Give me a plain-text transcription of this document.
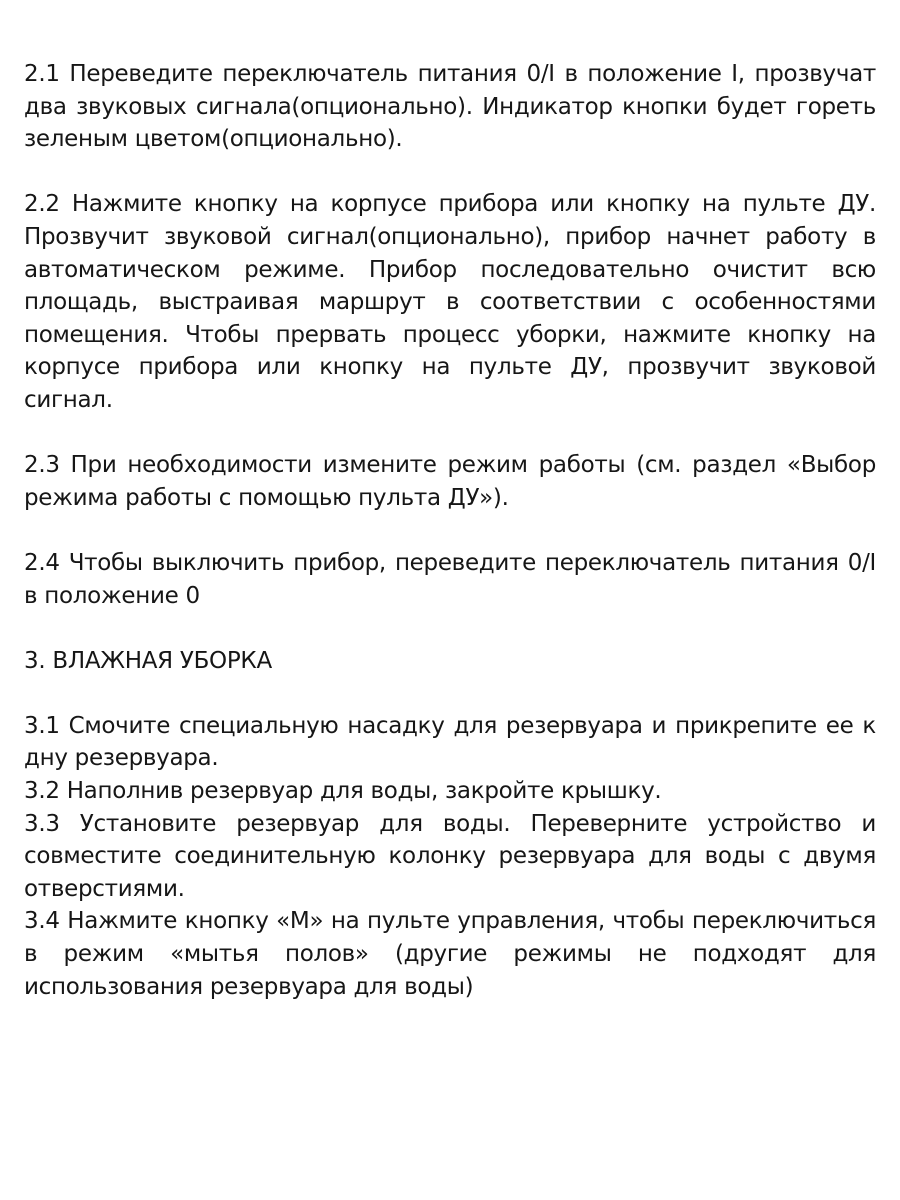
2.1 Переведите переключатель питания 0/I в положение I, прозвучат два звуковых сигнала(опционально). Индикатор кнопки будет гореть зеленым цветом(опционально).

2.2 Нажмите кнопку на корпусе прибора или кнопку на пульте ДУ. Прозвучит звуковой сигнал(опционально), прибор начнет работу в автоматическом режиме. Прибор последовательно очистит всю площадь, выстраивая маршрут в соответствии с особенностями помещения. Чтобы прервать процесс уборки, нажмите кнопку на корпусе прибора или кнопку на пульте ДУ, прозвучит звуковой сигнал.

2.3 При необходимости измените режим работы (см. раздел «Выбор режима работы с помощью пульта ДУ»).

2.4 Чтобы выключить прибор, переведите переключатель питания 0/I в положение 0

3. ВЛАЖНАЯ УБОРКА

3.1 Смочите специальную насадку для резервуара и прикрепите ее к дну резервуара.

3.2 Наполнив резервуар для воды, закройте крышку.

3.3 Установите резервуар для воды. Переверните устройство и совместите соединительную колонку резервуара для воды с двумя отверстиями.

3.4 Нажмите кнопку «М» на пульте управления, чтобы переключиться в режим «мытья полов» (другие режимы не подходят для использования резервуара для воды)
